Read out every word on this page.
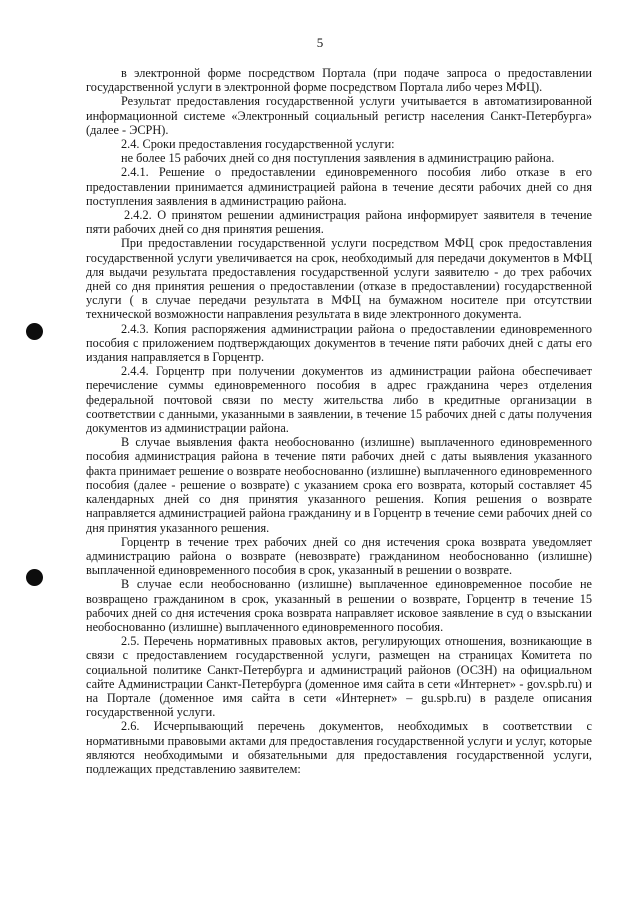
5

в электронной форме посредством Портала (при подаче запроса о предоставлении государственной услуги в электронной форме посредством Портала либо через МФЦ).

Результат предоставления государственной услуги учитывается в автоматизированной информационной системе «Электронный социальный регистр населения Санкт-Петербурга» (далее - ЭСРН).

2.4. Сроки предоставления государственной услуги:

не более 15 рабочих дней со дня поступления заявления в администрацию района.

2.4.1. Решение о предоставлении единовременного пособия либо отказе в его предоставлении принимается администрацией района в течение десяти рабочих дней со дня поступления заявления в администрацию района.

2.4.2. О принятом решении администрация района информирует заявителя в течение пяти рабочих дней со дня принятия решения.

При предоставлении государственной услуги посредством МФЦ срок предоставления государственной услуги увеличивается на срок, необходимый для передачи документов в МФЦ для выдачи результата предоставления государственной услуги заявителю - до трех рабочих дней со дня принятия решения о предоставлении (отказе в предоставлении) государственной услуги ( в случае передачи результата в МФЦ на бумажном носителе при отсутствии технической возможности направления результата в виде электронного документа.

2.4.3. Копия распоряжения администрации района о предоставлении единовременного пособия с приложением подтверждающих документов в течение пяти рабочих дней с даты его издания направляется в Горцентр.

2.4.4. Горцентр при получении документов из администрации района обеспечивает перечисление суммы единовременного пособия в адрес гражданина через отделения федеральной почтовой связи по месту жительства либо в кредитные организации в соответствии с данными, указанными в заявлении, в течение 15 рабочих дней с даты получения документов из администрации района.

В случае выявления факта необоснованно (излишне) выплаченного единовременного пособия администрация района в течение пяти рабочих дней с даты выявления указанного факта принимает решение о возврате необоснованно (излишне) выплаченного единовременного пособия (далее - решение о возврате) с указанием срока его возврата, который составляет 45 календарных дней со дня принятия указанного решения. Копия решения о возврате направляется администрацией района гражданину и в Горцентр в течение семи рабочих дней со дня принятия указанного решения.

Горцентр в течение трех рабочих дней со дня истечения срока возврата уведомляет администрацию района о возврате (невозврате) гражданином необоснованно (излишне) выплаченной единовременного пособия в срок, указанный в решении о возврате.

В случае если необоснованно (излишне) выплаченное единовременное пособие не возвращено гражданином в срок, указанный в решении о возврате, Горцентр в течение 15 рабочих дней со дня истечения срока возврата направляет исковое заявление в суд о взыскании необоснованно (излишне) выплаченного единовременного пособия.

2.5. Перечень нормативных правовых актов, регулирующих отношения, возникающие в связи с предоставлением государственной услуги, размещен на страницах Комитета по социальной политике Санкт-Петербурга и администраций районов (ОСЗН) на официальном сайте Администрации Санкт-Петербурга (доменное имя сайта в сети «Интернет» - gov.spb.ru) и на Портале (доменное имя сайта в сети «Интернет» – gu.spb.ru) в разделе описания государственной услуги.

2.6. Исчерпывающий перечень документов, необходимых в соответствии с нормативными правовыми актами для предоставления государственной услуги и услуг, которые являются необходимыми и обязательными для предоставления государственной услуги, подлежащих представлению заявителем:
